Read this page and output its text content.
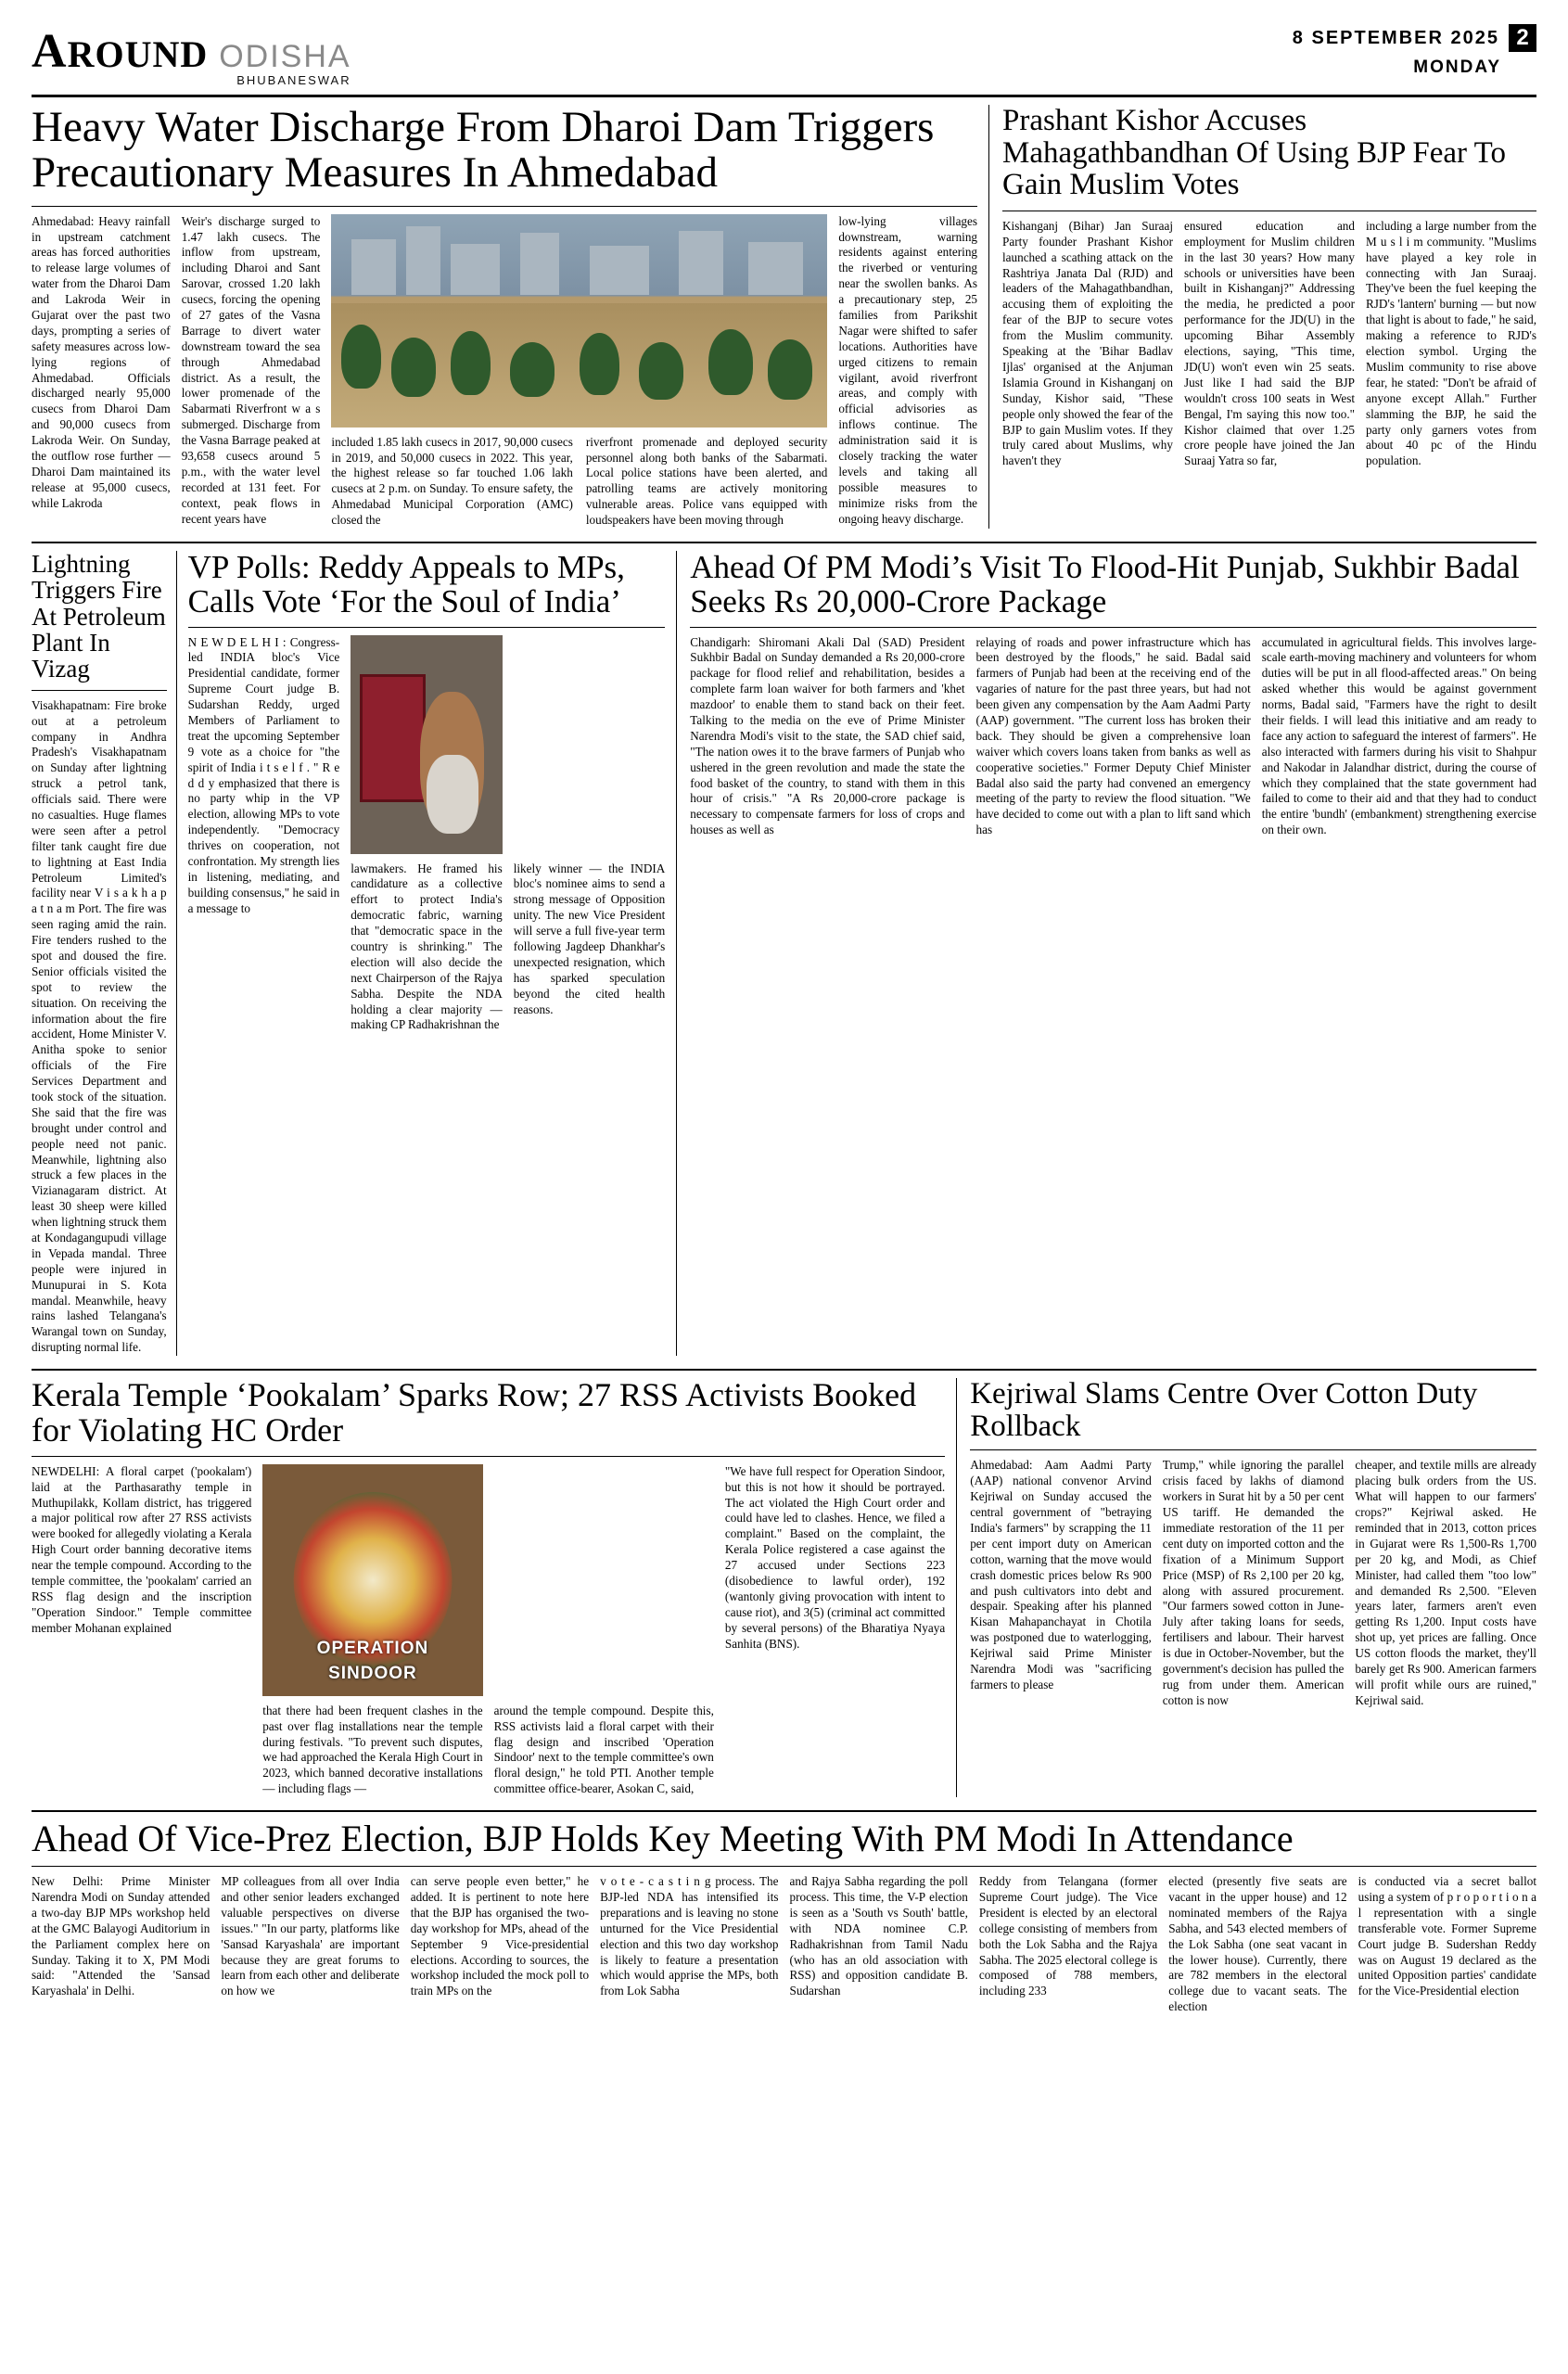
A ROUND ODISHA
BHUBANESWAR
8 SEPTEMBER 2025 2
MONDAY
Heavy Water Discharge From Dharoi Dam Triggers Precautionary Measures In Ahmedabad
Ahmedabad: Heavy rainfall in upstream catchment areas has forced authorities to release large volumes of water from the Dharoi Dam and Lakroda Weir in Gujarat over the past two days, prompting a series of safety measures across low-lying regions of Ahmedabad. Officials discharged nearly 95,000 cusecs from Dharoi Dam and 90,000 cusecs from Lakroda Weir. On Sunday, the outflow rose further — Dharoi Dam maintained its release at 95,000 cusecs, while Lakroda
Weir's discharge surged to 1.47 lakh cusecs. The inflow from upstream, including Dharoi and Sant Sarovar, crossed 1.20 lakh cusecs, forcing the opening of 27 gates of the Vasna Barrage to divert water downstream toward the sea through Ahmedabad district. As a result, the lower promenade of the Sabarmati Riverfront w a s submerged. Discharge from the Vasna Barrage peaked at 93,658 cusecs around 5 p.m., with the water level recorded at 131 feet. For context, peak flows in recent years have
included 1.85 lakh cusecs in 2017, 90,000 cusecs in 2019, and 50,000 cusecs in 2022. This year, the highest release so far touched 1.06 lakh cusecs at 2 p.m. on Sunday. To ensure safety, the Ahmedabad Municipal Corporation (AMC) closed the
riverfront promenade and deployed security personnel along both banks of the Sabarmati. Local police stations have been alerted, and patrolling teams are actively monitoring vulnerable areas. Police vans equipped with loudspeakers have been moving through
low-lying villages downstream, warning residents against entering the riverbed or venturing near the swollen banks. As a precautionary step, 25 families from Parikshit Nagar were shifted to safer locations. Authorities have urged citizens to remain vigilant, avoid riverfront areas, and comply with official advisories as inflows continue. The administration said it is closely tracking the water levels and taking all possible measures to minimize risks from the ongoing heavy discharge.
Prashant Kishor Accuses Mahagathbandhan Of Using BJP Fear To Gain Muslim Votes
Kishanganj (Bihar) Jan Suraaj Party founder Prashant Kishor launched a scathing attack on the Rashtriya Janata Dal (RJD) and leaders of the Mahagathbandhan, accusing them of exploiting the fear of the BJP to secure votes from the Muslim community. Speaking at the 'Bihar Badlav Ijlas' organised at the Anjuman Islamia Ground in Kishanganj on Sunday, Kishor said, "These people only showed the fear of the BJP to gain Muslim votes. If they truly cared about Muslims, why haven't they
ensured education and employment for Muslim children in the last 30 years? How many schools or universities have been built in Kishanganj?" Addressing the media, he predicted a poor performance for the JD(U) in the upcoming Bihar Assembly elections, saying, "This time, JD(U) won't even win 25 seats. Just like I had said the BJP wouldn't cross 100 seats in West Bengal, I'm saying this now too." Kishor claimed that over 1.25 crore people have joined the Jan Suraaj Yatra so far,
including a large number from the M u s l i m community. "Muslims have played a key role in connecting with Jan Suraaj. They've been the fuel keeping the RJD's 'lantern' burning — but now that light is about to fade," he said, making a reference to RJD's election symbol. Urging the Muslim community to rise above fear, he stated: "Don't be afraid of anyone except Allah." Further slamming the BJP, he said the party only garners votes from about 40 pc of the Hindu population.
Lightning Triggers Fire At Petroleum Plant In Vizag
Visakhapatnam: Fire broke out at a petroleum company in Andhra Pradesh's Visakhapatnam on Sunday after lightning struck a petrol tank, officials said. There were no casualties. Huge flames were seen after a petrol filter tank caught fire due to lightning at East India Petroleum Limited's facility near V i s a k h a p a t n a m Port. The fire was seen raging amid the rain. Fire tenders rushed to the spot and doused the fire. Senior officials visited the spot to review the situation. On receiving the information about the fire accident, Home Minister V. Anitha spoke to senior officials of the Fire Services Department and took stock of the situation. She said that the fire was brought under control and people need not panic. Meanwhile, lightning also struck a few places in the Vizianagaram district. At least 30 sheep were killed when lightning struck them at Kondagangupudi village in Vepada mandal. Three people were injured in Munupurai in S. Kota mandal. Meanwhile, heavy rains lashed Telangana's Warangal town on Sunday, disrupting normal life.
VP Polls: Reddy Appeals to MPs, Calls Vote ‘For the Soul of India’
N E W D E L H I : Congress-led INDIA bloc's Vice Presidential candidate, former Supreme Court judge B. Sudarshan Reddy, urged Members of Parliament to treat the upcoming September 9 vote as a choice for "the spirit of India i t s e l f . " R e d d y emphasized that there is no party whip in the VP election, allowing MPs to vote independently. "Democracy thrives on cooperation, not confrontation. My strength lies in listening, mediating, and building consensus," he said in a message to
lawmakers. He framed his candidature as a collective effort to protect India's democratic fabric, warning that "democratic space in the country is shrinking." The election will also decide the next Chairperson of the Rajya Sabha. Despite the NDA holding a clear majority — making CP Radhakrishnan the
likely winner — the INDIA bloc's nominee aims to send a strong message of Opposition unity. The new Vice President will serve a full five-year term following Jagdeep Dhankhar's unexpected resignation, which has sparked speculation beyond the cited health reasons.
Ahead Of PM Modi’s Visit To Flood-Hit Punjab, Sukhbir Badal Seeks Rs 20,000-Crore Package
Chandigarh: Shiromani Akali Dal (SAD) President Sukhbir Badal on Sunday demanded a Rs 20,000-crore package for flood relief and rehabilitation, besides a complete farm loan waiver for both farmers and 'khet mazdoor' to enable them to stand back on their feet. Talking to the media on the eve of Prime Minister Narendra Modi's visit to the state, the SAD chief said, "The nation owes it to the brave farmers of Punjab who ushered in the green revolution and made the state the food basket of the country, to stand with them in this hour of crisis." "A Rs 20,000-crore package is necessary to compensate farmers for loss of crops and houses as well as
relaying of roads and power infrastructure which has been destroyed by the floods," he said. Badal said farmers of Punjab had been at the receiving end of the vagaries of nature for the past three years, but had not been given any compensation by the Aam Aadmi Party (AAP) government. "The current loss has broken their back. They should be given a comprehensive loan waiver which covers loans taken from banks as well as cooperative societies." Former Deputy Chief Minister Badal also said the party had convened an emergency meeting of the party to review the flood situation. "We have decided to come out with a plan to lift sand which has
accumulated in agricultural fields. This involves large-scale earth-moving machinery and volunteers for whom duties will be put in all flood-affected areas." On being asked whether this would be against government norms, Badal said, "Farmers have the right to desilt their fields. I will lead this initiative and am ready to face any action to safeguard the interest of farmers". He also interacted with farmers during his visit to Shahpur and Nakodar in Jalandhar district, during the course of which they complained that the state government had failed to come to their aid and that they had to conduct the entire 'bundh' (embankment) strengthening exercise on their own.
Kerala Temple ‘Pookalam’ Sparks Row; 27 RSS Activists Booked for Violating HC Order
NEWDELHI: A floral carpet ('pookalam') laid at the Parthasarathy temple in Muthupilakk, Kollam district, has triggered a major political row after 27 RSS activists were booked for allegedly violating a Kerala High Court order banning decorative items near the temple compound. According to the temple committee, the 'pookalam' carried an RSS flag design and the inscription "Operation Sindoor." Temple committee member Mohanan explained
OPERATION
SINDOOR
that there had been frequent clashes in the past over flag installations near the temple during festivals. "To prevent such disputes, we had approached the Kerala High Court in 2023, which banned decorative installations — including flags —
around the temple compound. Despite this, RSS activists laid a floral carpet with their flag design and inscribed 'Operation Sindoor' next to the temple committee's own floral design," he told PTI. Another temple committee office-bearer, Asokan C, said,
"We have full respect for Operation Sindoor, but this is not how it should be portrayed. The act violated the High Court order and could have led to clashes. Hence, we filed a complaint." Based on the complaint, the Kerala Police registered a case against the 27 accused under Sections 223 (disobedience to lawful order), 192 (wantonly giving provocation with intent to cause riot), and 3(5) (criminal act committed by several persons) of the Bharatiya Nyaya Sanhita (BNS).
Kejriwal Slams Centre Over Cotton Duty Rollback
Ahmedabad: Aam Aadmi Party (AAP) national convenor Arvind Kejriwal on Sunday accused the central government of "betraying India's farmers" by scrapping the 11 per cent import duty on American cotton, warning that the move would crash domestic prices below Rs 900 and push cultivators into debt and despair. Speaking after his planned Kisan Mahapanchayat in Chotila was postponed due to waterlogging, Kejriwal said Prime Minister Narendra Modi was "sacrificing farmers to please
Trump," while ignoring the parallel crisis faced by lakhs of diamond workers in Surat hit by a 50 per cent US tariff. He demanded the immediate restoration of the 11 per cent duty on imported cotton and the fixation of a Minimum Support Price (MSP) of Rs 2,100 per 20 kg, along with assured procurement. "Our farmers sowed cotton in June-July after taking loans for seeds, fertilisers and labour. Their harvest is due in October-November, but the government's decision has pulled the rug from under them. American cotton is now
cheaper, and textile mills are already placing bulk orders from the US. What will happen to our farmers' crops?" Kejriwal asked. He reminded that in 2013, cotton prices in Gujarat were Rs 1,500-Rs 1,700 per 20 kg, and Modi, as Chief Minister, had called them "too low" and demanded Rs 2,500. "Eleven years later, farmers aren't even getting Rs 1,200. Input costs have shot up, yet prices are falling. Once US cotton floods the market, they'll barely get Rs 900. American farmers will profit while ours are ruined," Kejriwal said.
Ahead Of Vice-Prez Election, BJP Holds Key Meeting With PM Modi In Attendance
New Delhi: Prime Minister Narendra Modi on Sunday attended a two-day BJP MPs workshop held at the GMC Balayogi Auditorium in the Parliament complex here on Sunday. Taking it to X, PM Modi said: "Attended the 'Sansad Karyashala' in Delhi.
MP colleagues from all over India and other senior leaders exchanged valuable perspectives on diverse issues." "In our party, platforms like 'Sansad Karyashala' are important because they are great forums to learn from each other and deliberate on how we
can serve people even better," he added. It is pertinent to note here that the BJP has organised the two-day workshop for MPs, ahead of the September 9 Vice-presidential elections. According to sources, the workshop included the mock poll to train MPs on the
v o t e - c a s t i n g process. The BJP-led NDA has intensified its preparations and is leaving no stone unturned for the Vice Presidential election and this two day workshop is likely to feature a presentation which would apprise the MPs, both from Lok Sabha
and Rajya Sabha regarding the poll process. This time, the V-P election is seen as a 'South vs South' battle, with NDA nominee C.P. Radhakrishnan from Tamil Nadu (who has an old association with RSS) and opposition candidate B. Sudarshan
Reddy from Telangana (former Supreme Court judge). The Vice President is elected by an electoral college consisting of members from both the Lok Sabha and the Rajya Sabha. The 2025 electoral college is composed of 788 members, including 233
elected (presently five seats are vacant in the upper house) and 12 nominated members of the Rajya Sabha, and 543 elected members of the Lok Sabha (one seat vacant in the lower house). Currently, there are 782 members in the electoral college due to vacant seats. The election
is conducted via a secret ballot using a system of p r o p o r t i o n a l representation with a single transferable vote. Former Supreme Court judge B. Sudershan Reddy was on August 19 declared as the united Opposition parties' candidate for the Vice-Presidential election
